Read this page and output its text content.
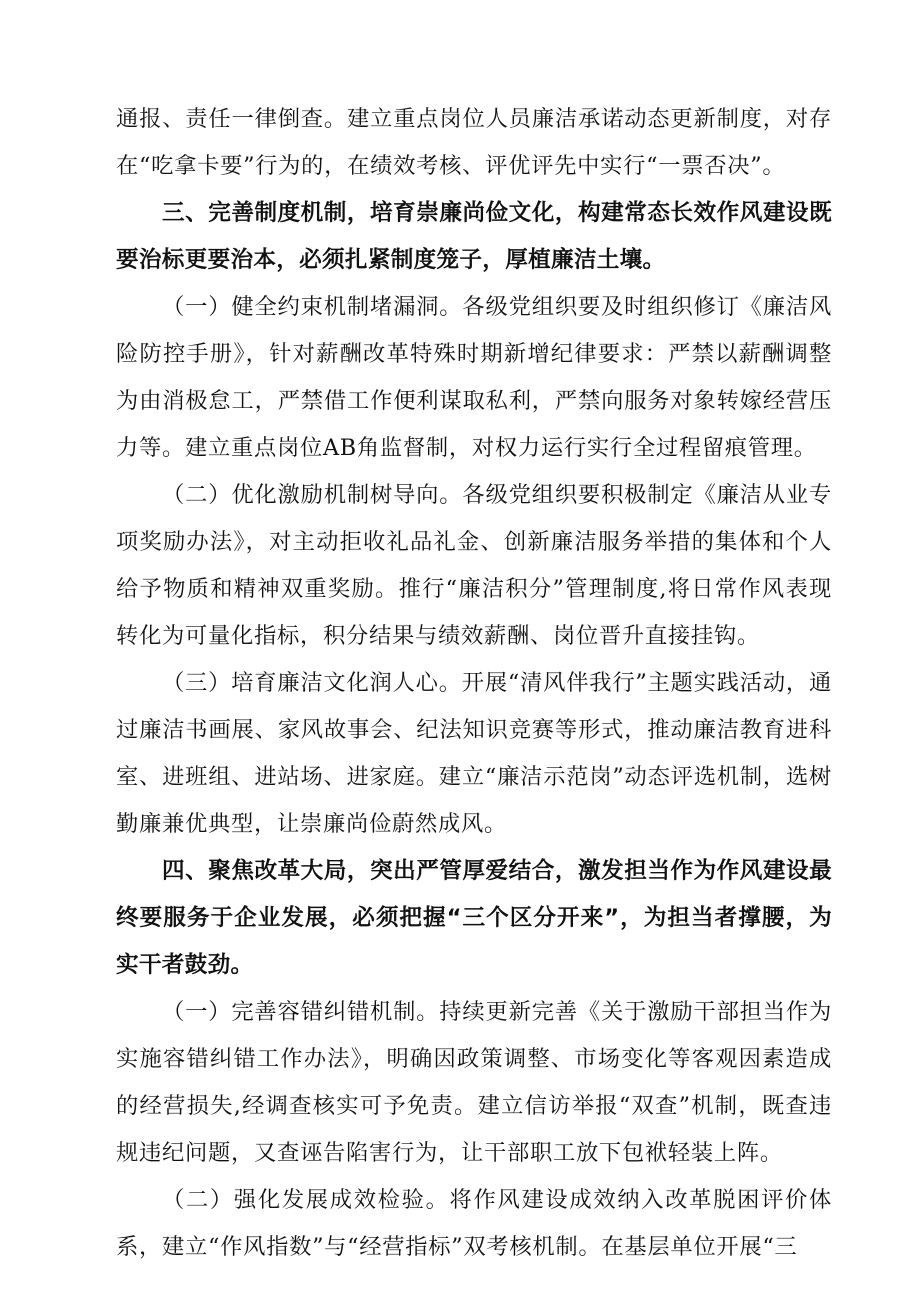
通报、责任一律倒查。建立重点岗位人员廉洁承诺动态更新制度，对存在“吃拿卡要”行为的，在绩效考核、评优评先中实行“一票否决”。

三、完善制度机制，培育崇廉尚俭文化，构建常态长效作风建设既要治标更要治本，必须扎紧制度笼子，厚植廉洁土壤。

（一）健全约束机制堵漏洞。各级党组织要及时组织修订《廉洁风险防控手册》，针对薪酬改革特殊时期新增纪律要求：严禁以薪酬调整为由消极怠工，严禁借工作便利谋取私利，严禁向服务对象转嫁经营压力等。建立重点岗位AB角监督制，对权力运行实行全过程留痕管理。

（二）优化激励机制树导向。各级党组织要积极制定《廉洁从业专项奖励办法》，对主动拒收礼品礼金、创新廉洁服务举措的集体和个人给予物质和精神双重奖励。推行“廉洁积分”管理制度,将日常作风表现转化为可量化指标，积分结果与绩效薪酬、岗位晋升直接挂钩。

（三）培育廉洁文化润人心。开展“清风伴我行”主题实践活动，通过廉洁书画展、家风故事会、纪法知识竞赛等形式，推动廉洁教育进科室、进班组、进站场、进家庭。建立“廉洁示范岗”动态评选机制，选树勤廉兼优典型，让崇廉尚俭蔚然成风。

四、聚焦改革大局，突出严管厚爱结合，激发担当作为作风建设最终要服务于企业发展，必须把握“三个区分开来”，为担当者撑腰，为实干者鼓劲。

（一）完善容错纠错机制。持续更新完善《关于激励干部担当作为实施容错纠错工作办法》，明确因政策调整、市场变化等客观因素造成的经营损失,经调查核实可予免责。建立信访举报“双查”机制，既查违规违纪问题，又查诬告陷害行为，让干部职工放下包袱轻装上阵。

（二）强化发展成效检验。将作风建设成效纳入改革脱困评价体系，建立“作风指数”与“经营指标”双考核机制。在基层单位开展“三
